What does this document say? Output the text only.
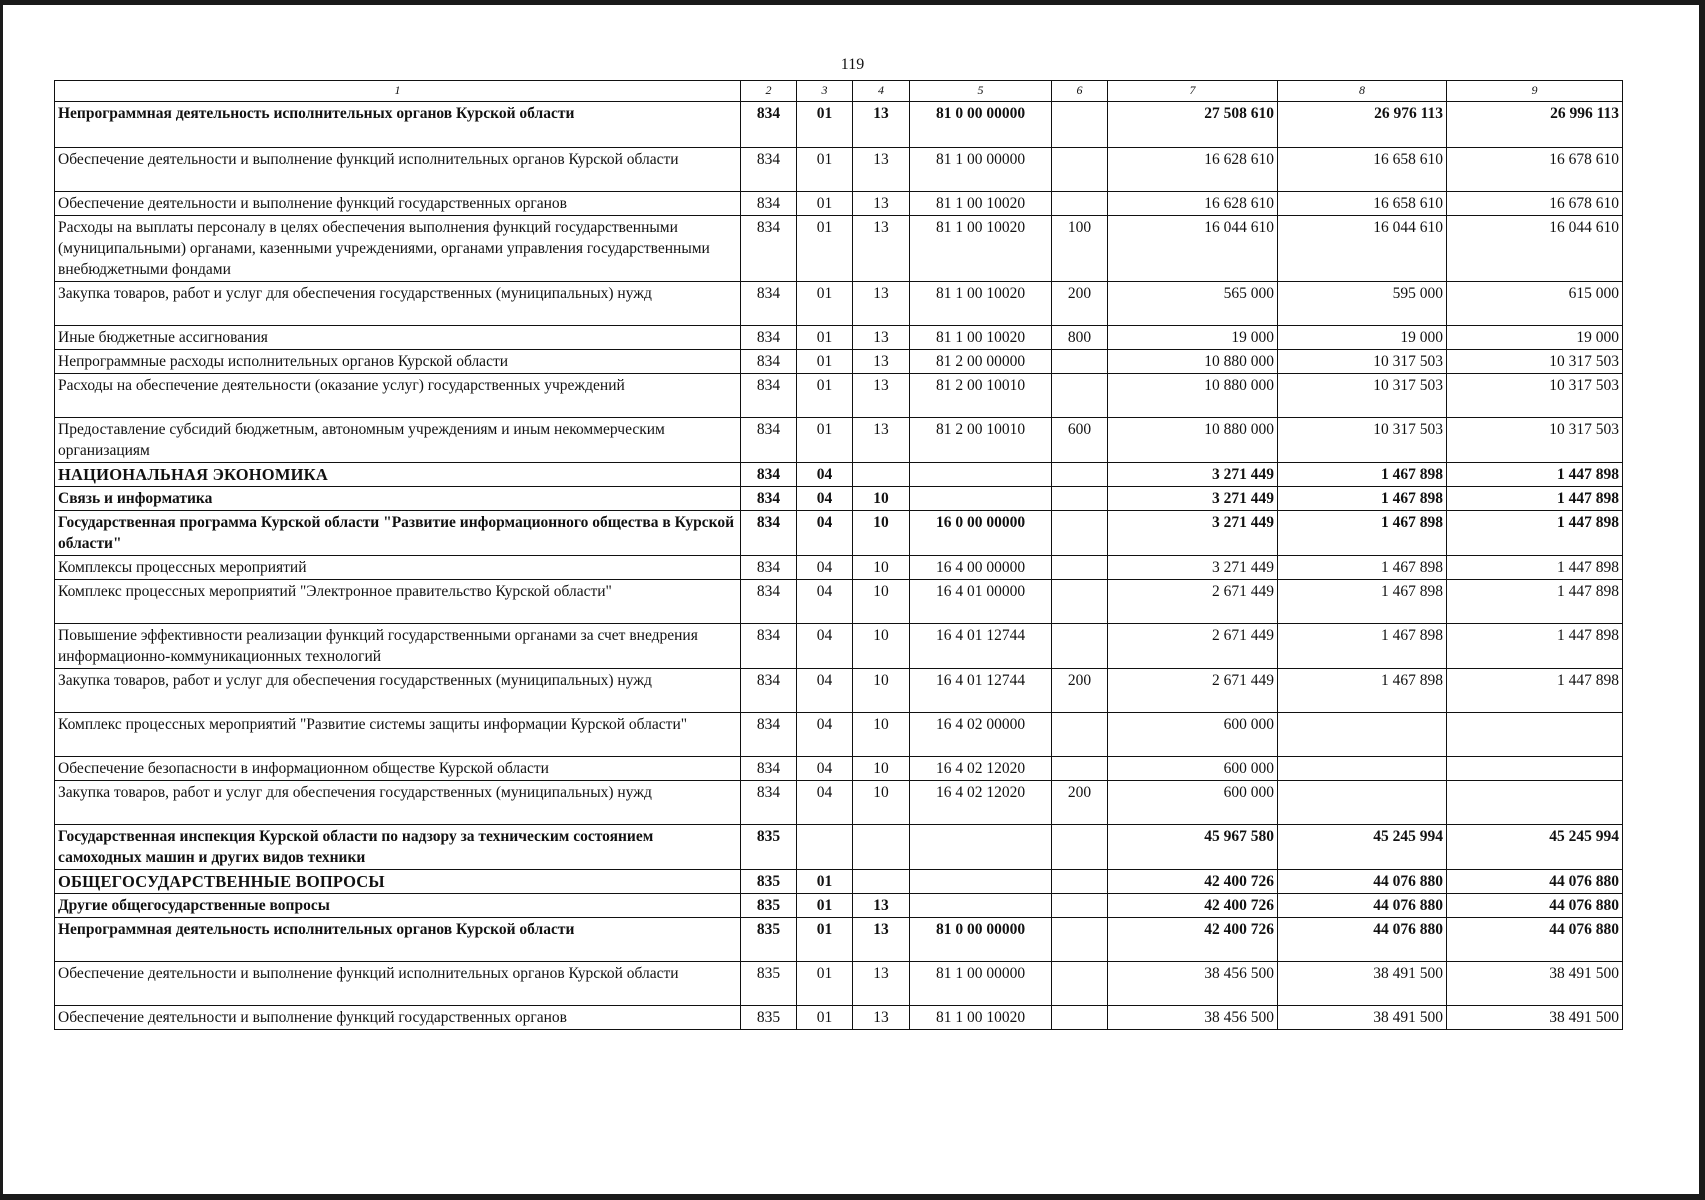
119
1	2	3	4	5	6	7	8	9
Непрограммная деятельность исполнительных органов Курской области	834	01	13	81 0 00 00000		27 508 610	26 976 113	26 996 113
Обеспечение деятельности и выполнение функций исполнительных органов Курской области	834	01	13	81 1 00 00000		16 628 610	16 658 610	16 678 610
Обеспечение деятельности и выполнение функций государственных органов	834	01	13	81 1 00 10020		16 628 610	16 658 610	16 678 610
Расходы на выплаты персоналу в целях обеспечения выполнения функций государственными (муниципальными) органами, казенными учреждениями, органами управления государственными внебюджетными фондами	834	01	13	81 1 00 10020	100	16 044 610	16 044 610	16 044 610
Закупка товаров, работ и услуг для обеспечения государственных (муниципальных) нужд	834	01	13	81 1 00 10020	200	565 000	595 000	615 000
Иные бюджетные ассигнования	834	01	13	81 1 00 10020	800	19 000	19 000	19 000
Непрограммные расходы исполнительных органов Курской области	834	01	13	81 2 00 00000		10 880 000	10 317 503	10 317 503
Расходы на обеспечение деятельности (оказание услуг) государственных учреждений	834	01	13	81 2 00 10010		10 880 000	10 317 503	10 317 503
Предоставление субсидий бюджетным, автономным учреждениям и иным некоммерческим организациям	834	01	13	81 2 00 10010	600	10 880 000	10 317 503	10 317 503
НАЦИОНАЛЬНАЯ ЭКОНОМИКА	834	04				3 271 449	1 467 898	1 447 898
Связь и информатика	834	04	10			3 271 449	1 467 898	1 447 898
Государственная программа Курской области "Развитие информационного общества в Курской области"	834	04	10	16 0 00 00000		3 271 449	1 467 898	1 447 898
Комплексы процессных мероприятий	834	04	10	16 4 00 00000		3 271 449	1 467 898	1 447 898
Комплекс процессных мероприятий "Электронное правительство Курской области"	834	04	10	16 4 01 00000		2 671 449	1 467 898	1 447 898
Повышение эффективности реализации функций государственными органами за счет внедрения информационно-коммуникационных технологий	834	04	10	16 4 01 12744		2 671 449	1 467 898	1 447 898
Закупка товаров, работ и услуг для обеспечения государственных (муниципальных) нужд	834	04	10	16 4 01 12744	200	2 671 449	1 467 898	1 447 898
Комплекс процессных мероприятий "Развитие системы защиты информации Курской области"	834	04	10	16 4 02 00000		600 000		
Обеспечение безопасности в информационном обществе Курской области	834	04	10	16 4 02 12020		600 000		
Закупка товаров, работ и услуг для обеспечения государственных (муниципальных) нужд	834	04	10	16 4 02 12020	200	600 000		
Государственная инспекция Курской области по надзору за техническим состоянием самоходных машин и других видов техники	835					45 967 580	45 245 994	45 245 994
ОБЩЕГОСУДАРСТВЕННЫЕ ВОПРОСЫ	835	01				42 400 726	44 076 880	44 076 880
Другие общегосударственные вопросы	835	01	13			42 400 726	44 076 880	44 076 880
Непрограммная деятельность исполнительных органов Курской области	835	01	13	81 0 00 00000		42 400 726	44 076 880	44 076 880
Обеспечение деятельности и выполнение функций исполнительных органов Курской области	835	01	13	81 1 00 00000		38 456 500	38 491 500	38 491 500
Обеспечение деятельности и выполнение функций государственных органов	835	01	13	81 1 00 10020		38 456 500	38 491 500	38 491 500
